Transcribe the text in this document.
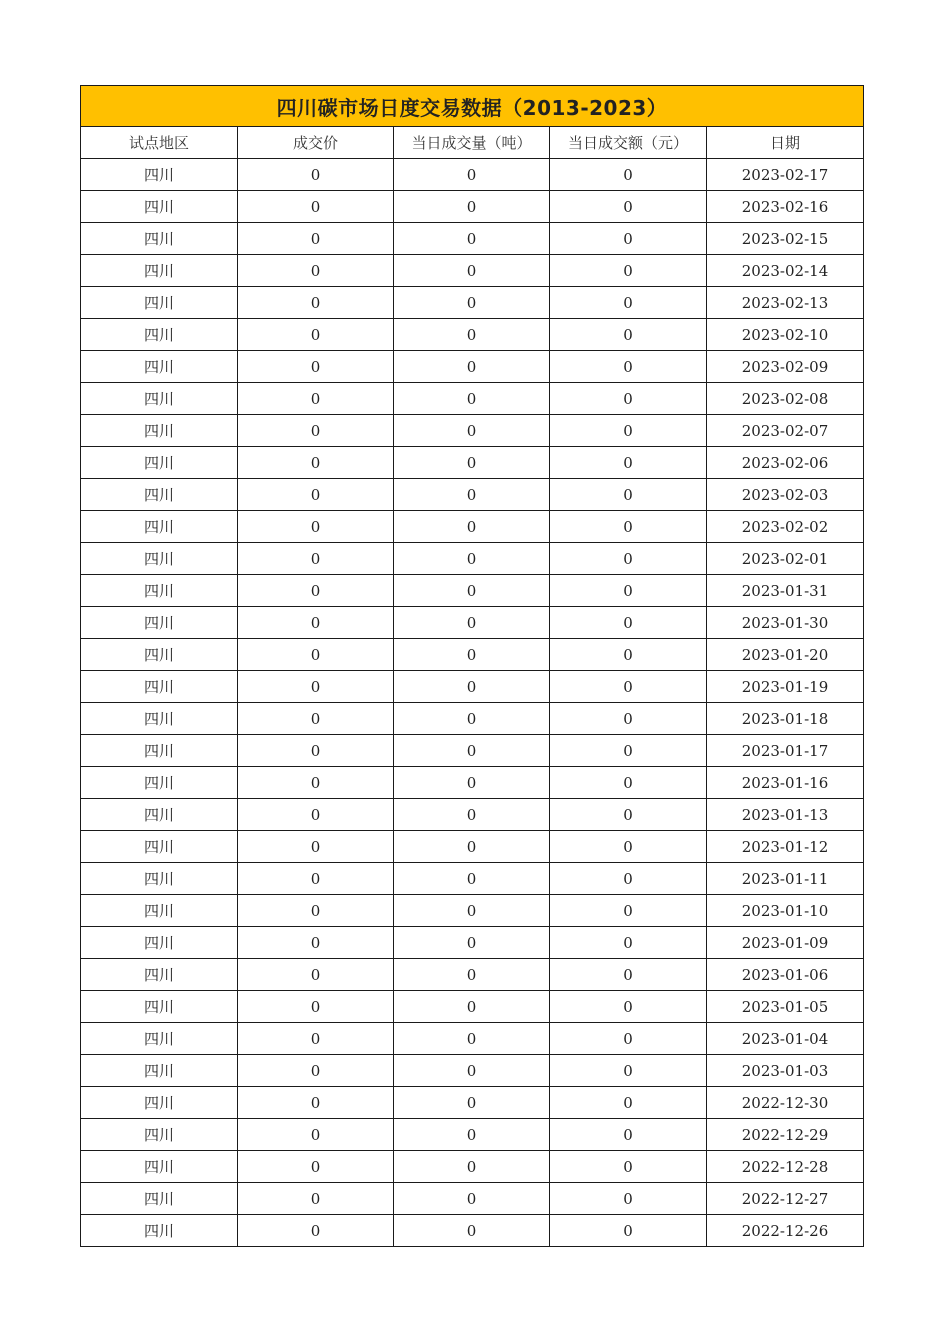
四川碳市场日度交易数据（2013-2023）				
试点地区	成交价	当日成交量（吨）	当日成交额（元）	日期
四川	0	0	0	2023-02-17
四川	0	0	0	2023-02-16
四川	0	0	0	2023-02-15
四川	0	0	0	2023-02-14
四川	0	0	0	2023-02-13
四川	0	0	0	2023-02-10
四川	0	0	0	2023-02-09
四川	0	0	0	2023-02-08
四川	0	0	0	2023-02-07
四川	0	0	0	2023-02-06
四川	0	0	0	2023-02-03
四川	0	0	0	2023-02-02
四川	0	0	0	2023-02-01
四川	0	0	0	2023-01-31
四川	0	0	0	2023-01-30
四川	0	0	0	2023-01-20
四川	0	0	0	2023-01-19
四川	0	0	0	2023-01-18
四川	0	0	0	2023-01-17
四川	0	0	0	2023-01-16
四川	0	0	0	2023-01-13
四川	0	0	0	2023-01-12
四川	0	0	0	2023-01-11
四川	0	0	0	2023-01-10
四川	0	0	0	2023-01-09
四川	0	0	0	2023-01-06
四川	0	0	0	2023-01-05
四川	0	0	0	2023-01-04
四川	0	0	0	2023-01-03
四川	0	0	0	2022-12-30
四川	0	0	0	2022-12-29
四川	0	0	0	2022-12-28
四川	0	0	0	2022-12-27
四川	0	0	0	2022-12-26
